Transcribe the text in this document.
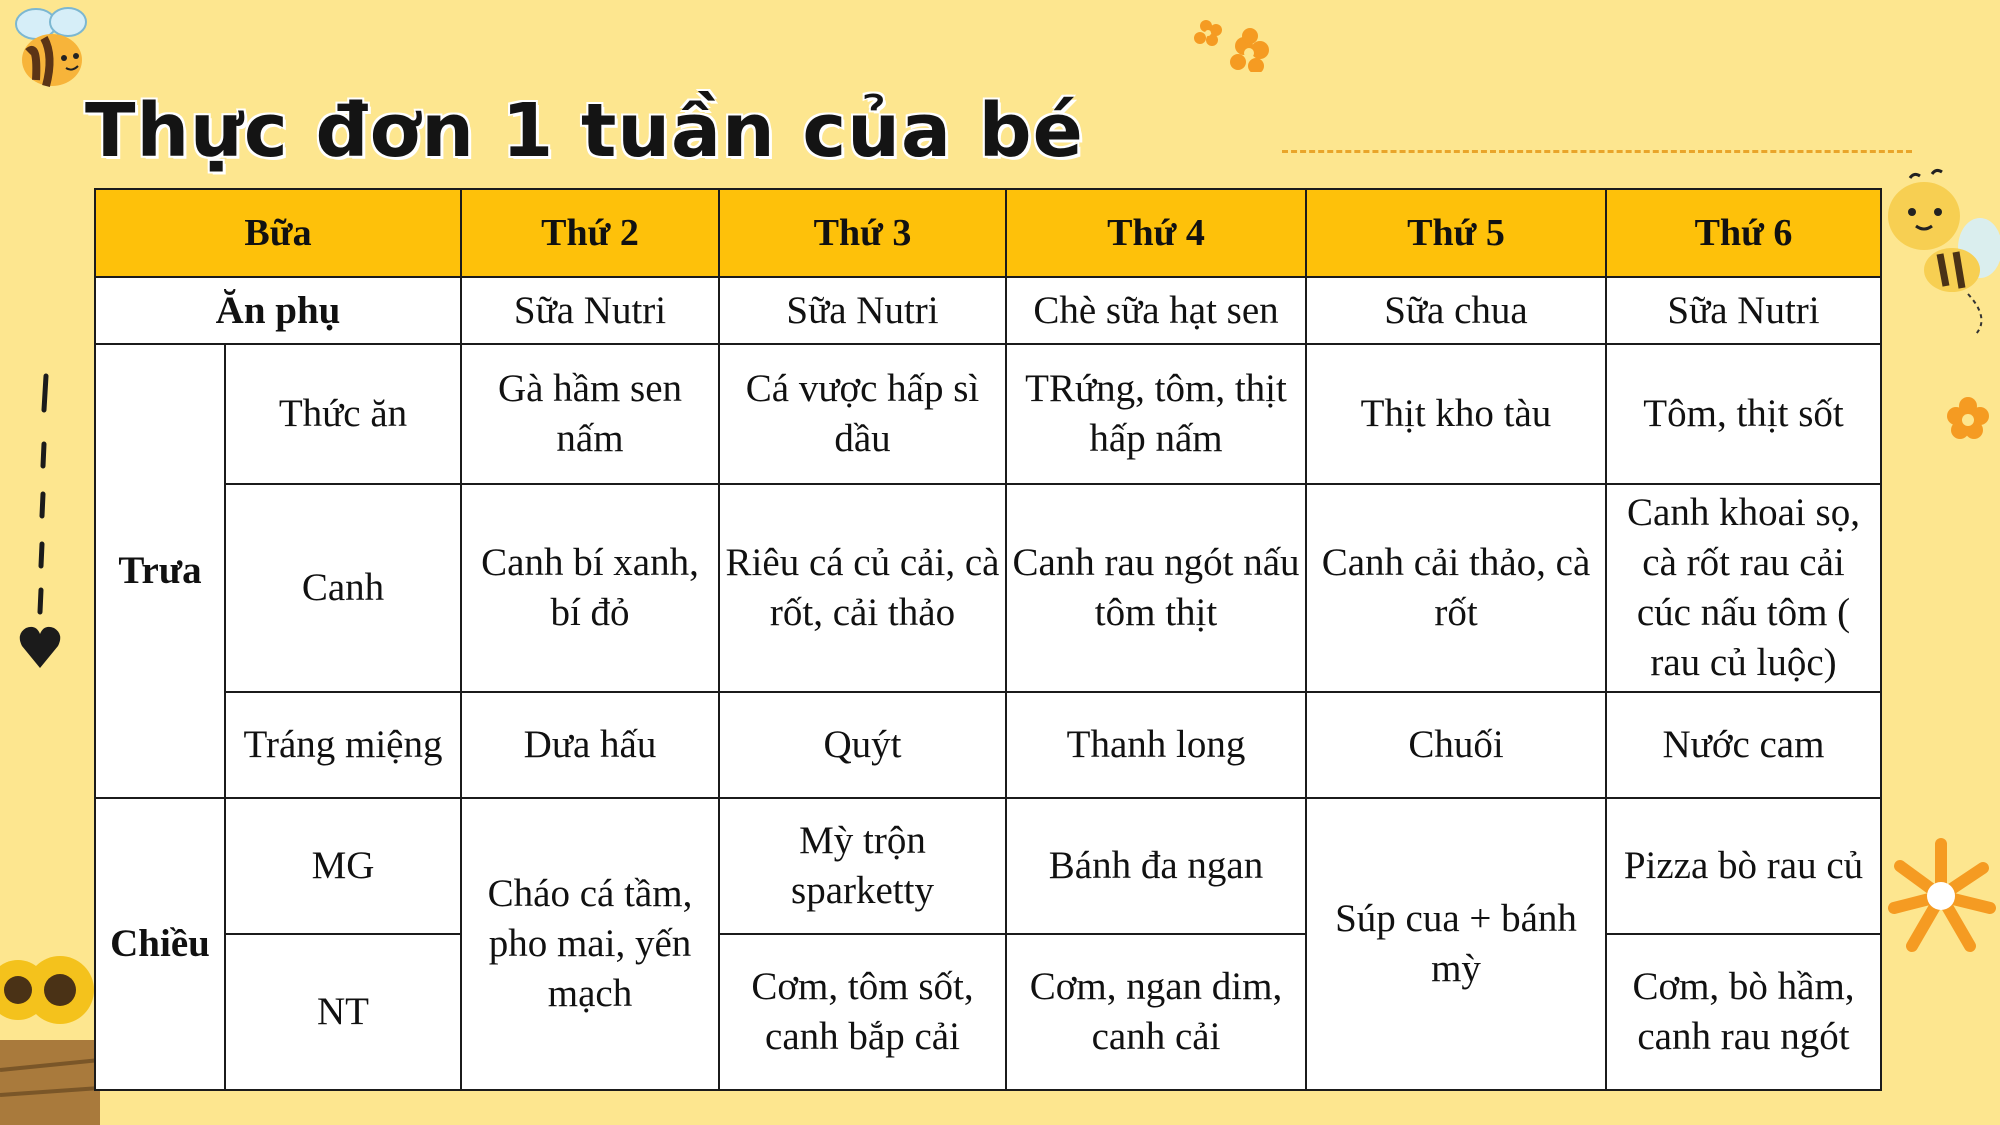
Thực đơn 1 tuần của bé
Bữa		Thứ 2	Thứ 3	Thứ 4	Thứ 5	Thứ 6
Ăn phụ		Sữa Nutri	Sữa Nutri	Chè sữa hạt sen	Sữa chua	Sữa Nutri
Trưa	Thức ăn	Gà hầm sen nấm	Cá vược hấp sì dầu	TRứng, tôm, thịt hấp nấm	Thịt kho tàu	Tôm, thịt sốt
	Canh	Canh bí xanh, bí đỏ	Riêu cá củ cải, cà rốt, cải thảo	Canh rau ngót nấu tôm thịt	Canh cải thảo, cà rốt	Canh khoai sọ, cà rốt rau cải cúc nấu tôm ( rau củ luộc)
	Tráng miệng	Dưa hấu	Quýt	Thanh long	Chuối	Nước cam
Chiều	MG	Cháo cá tầm, pho mai, yến mạch	Mỳ trộn sparketty	Bánh đa ngan	Súp cua + bánh mỳ	Pizza bò rau củ
	NT		Cơm, tôm sốt, canh bắp cải	Cơm, ngan dim, canh cải		Cơm, bò hầm, canh rau ngót
